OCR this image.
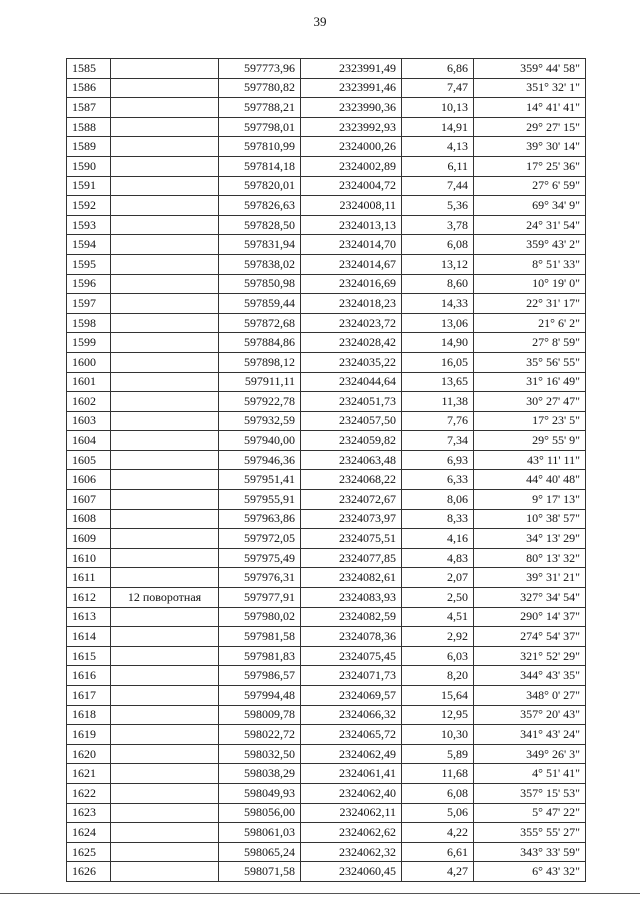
39
1585		597773,96	2323991,49	6,86	359° 44' 58"
1586		597780,82	2323991,46	7,47	351° 32' 1"
1587		597788,21	2323990,36	10,13	14° 41' 41"
1588		597798,01	2323992,93	14,91	29° 27' 15"
1589		597810,99	2324000,26	4,13	39° 30' 14"
1590		597814,18	2324002,89	6,11	17° 25' 36"
1591		597820,01	2324004,72	7,44	27° 6' 59"
1592		597826,63	2324008,11	5,36	69° 34' 9"
1593		597828,50	2324013,13	3,78	24° 31' 54"
1594		597831,94	2324014,70	6,08	359° 43' 2"
1595		597838,02	2324014,67	13,12	8° 51' 33"
1596		597850,98	2324016,69	8,60	10° 19' 0"
1597		597859,44	2324018,23	14,33	22° 31' 17"
1598		597872,68	2324023,72	13,06	21° 6' 2"
1599		597884,86	2324028,42	14,90	27° 8' 59"
1600		597898,12	2324035,22	16,05	35° 56' 55"
1601		597911,11	2324044,64	13,65	31° 16' 49"
1602		597922,78	2324051,73	11,38	30° 27' 47"
1603		597932,59	2324057,50	7,76	17° 23' 5"
1604		597940,00	2324059,82	7,34	29° 55' 9"
1605		597946,36	2324063,48	6,93	43° 11' 11"
1606		597951,41	2324068,22	6,33	44° 40' 48"
1607		597955,91	2324072,67	8,06	9° 17' 13"
1608		597963,86	2324073,97	8,33	10° 38' 57"
1609		597972,05	2324075,51	4,16	34° 13' 29"
1610		597975,49	2324077,85	4,83	80° 13' 32"
1611		597976,31	2324082,61	2,07	39° 31' 21"
1612	12 поворотная	597977,91	2324083,93	2,50	327° 34' 54"
1613		597980,02	2324082,59	4,51	290° 14' 37"
1614		597981,58	2324078,36	2,92	274° 54' 37"
1615		597981,83	2324075,45	6,03	321° 52' 29"
1616		597986,57	2324071,73	8,20	344° 43' 35"
1617		597994,48	2324069,57	15,64	348° 0' 27"
1618		598009,78	2324066,32	12,95	357° 20' 43"
1619		598022,72	2324065,72	10,30	341° 43' 24"
1620		598032,50	2324062,49	5,89	349° 26' 3"
1621		598038,29	2324061,41	11,68	4° 51' 41"
1622		598049,93	2324062,40	6,08	357° 15' 53"
1623		598056,00	2324062,11	5,06	5° 47' 22"
1624		598061,03	2324062,62	4,22	355° 55' 27"
1625		598065,24	2324062,32	6,61	343° 33' 59"
1626		598071,58	2324060,45	4,27	6° 43' 32"
